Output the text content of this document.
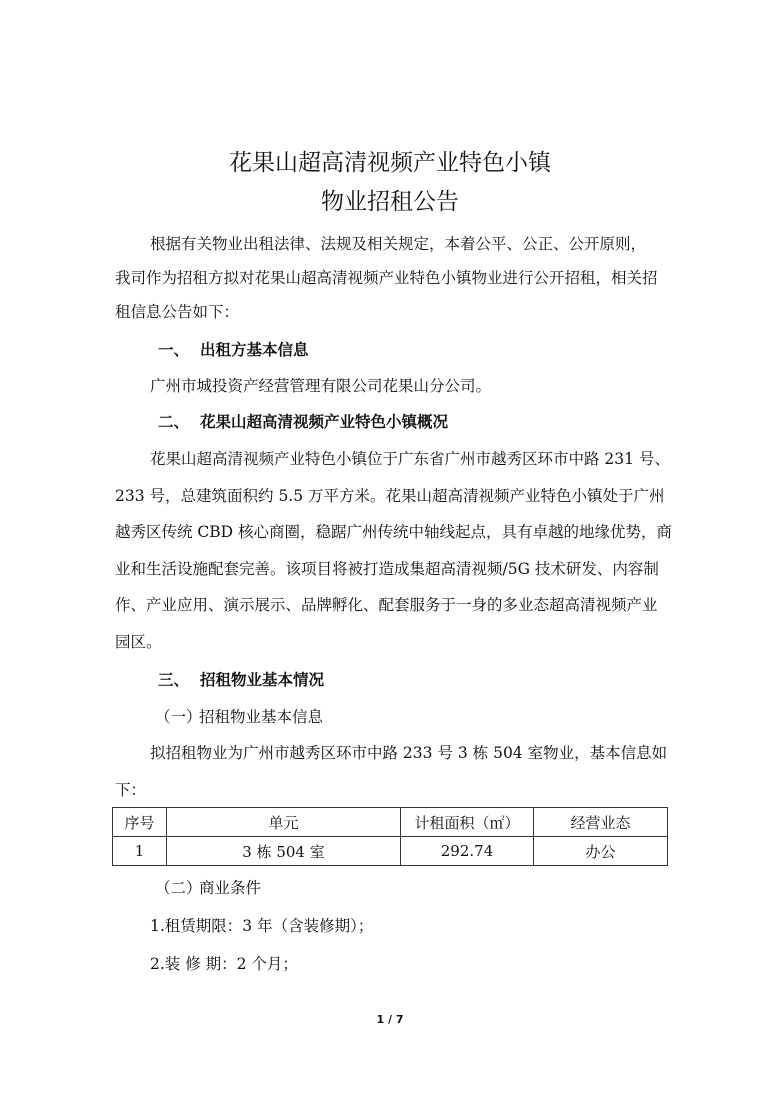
花果山超高清视频产业特色小镇
物业招租公告
根据有关物业出租法律、法规及相关规定，本着公平、公正、公开原则，
我司作为招租方拟对花果山超高清视频产业特色小镇物业进行公开招租，相关招
租信息公告如下：
一、 出租方基本信息
广州市城投资产经营管理有限公司花果山分公司。
二、 花果山超高清视频产业特色小镇概况
花果山超高清视频产业特色小镇位于广东省广州市越秀区环市中路 231 号、
233 号，总建筑面积约 5.5 万平方米。花果山超高清视频产业特色小镇处于广州
越秀区传统 CBD 核心商圈，稳踞广州传统中轴线起点，具有卓越的地缘优势，商
业和生活设施配套完善。该项目将被打造成集超高清视频/5G 技术研发、内容制
作、产业应用、演示展示、品牌孵化、配套服务于一身的多业态超高清视频产业
园区。
三、 招租物业基本情况
（一）招租物业基本信息
拟招租物业为广州市越秀区环市中路 233 号 3 栋 504 室物业，基本信息如
下：
序号	单元	计租面积（㎡）	经营业态
1	3 栋 504 室	292.74	办公
（二）商业条件
1.租赁期限：3 年（含装修期）；
2.装 修 期：2 个月；
1 / 7
